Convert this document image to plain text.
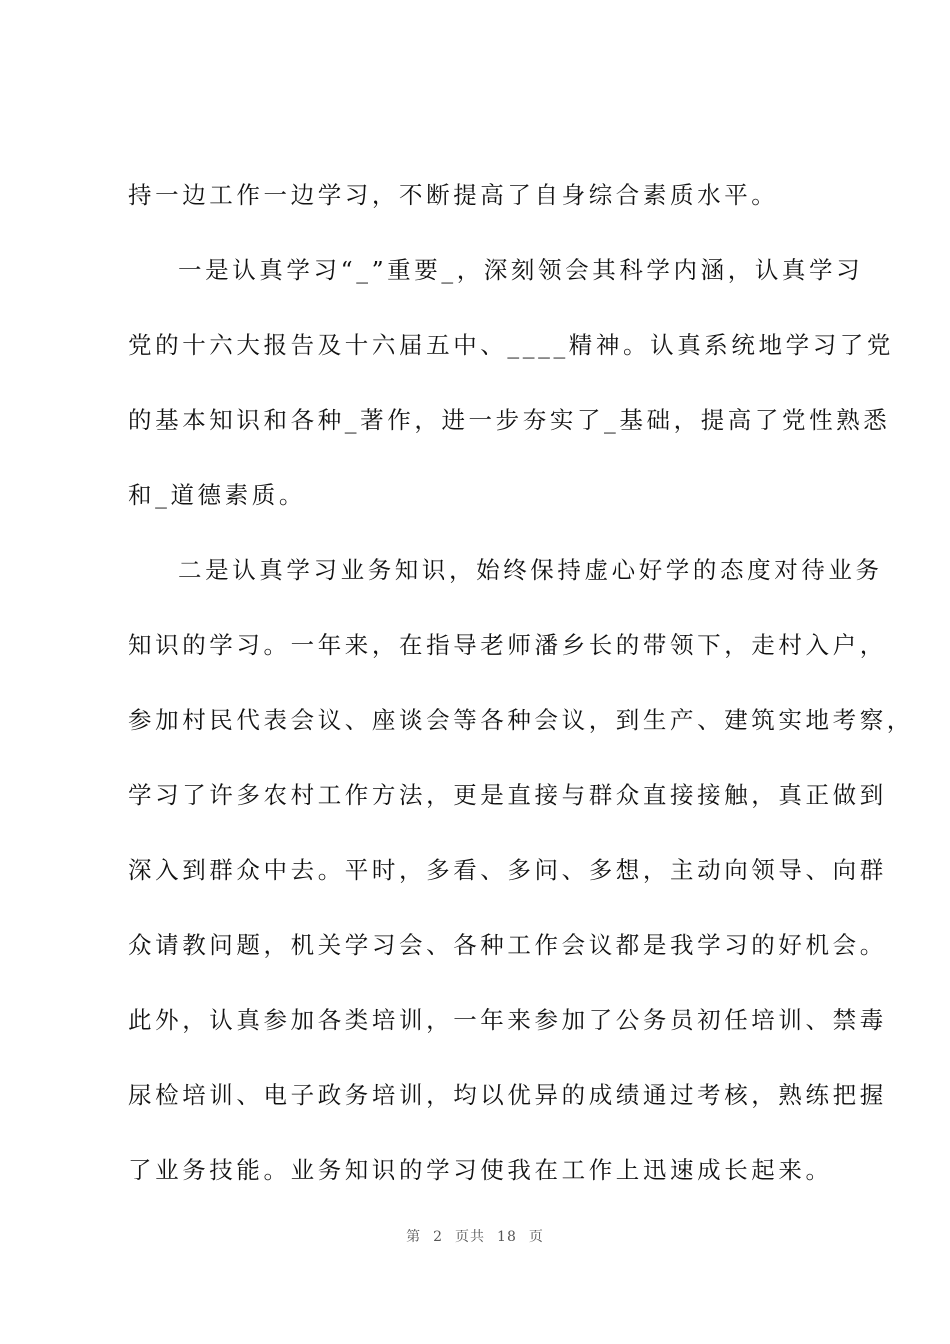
持一边工作一边学习，不断提高了自身综合素质水平。
一是认真学习“_”重要_，深刻领会其科学内涵，认真学习
党的十六大报告及十六届五中、____精神。认真系统地学习了党
的基本知识和各种_著作，进一步夯实了_基础，提高了党性熟悉
和_道德素质。
二是认真学习业务知识，始终保持虚心好学的态度对待业务
知识的学习。一年来，在指导老师潘乡长的带领下，走村入户，
参加村民代表会议、座谈会等各种会议，到生产、建筑实地考察，
学习了许多农村工作方法，更是直接与群众直接接触，真正做到
深入到群众中去。平时，多看、多问、多想，主动向领导、向群
众请教问题，机关学习会、各种工作会议都是我学习的好机会。
此外，认真参加各类培训，一年来参加了公务员初任培训、禁毒
尿检培训、电子政务培训，均以优异的成绩通过考核，熟练把握
了业务技能。业务知识的学习使我在工作上迅速成长起来。
第 2 页共 18 页
